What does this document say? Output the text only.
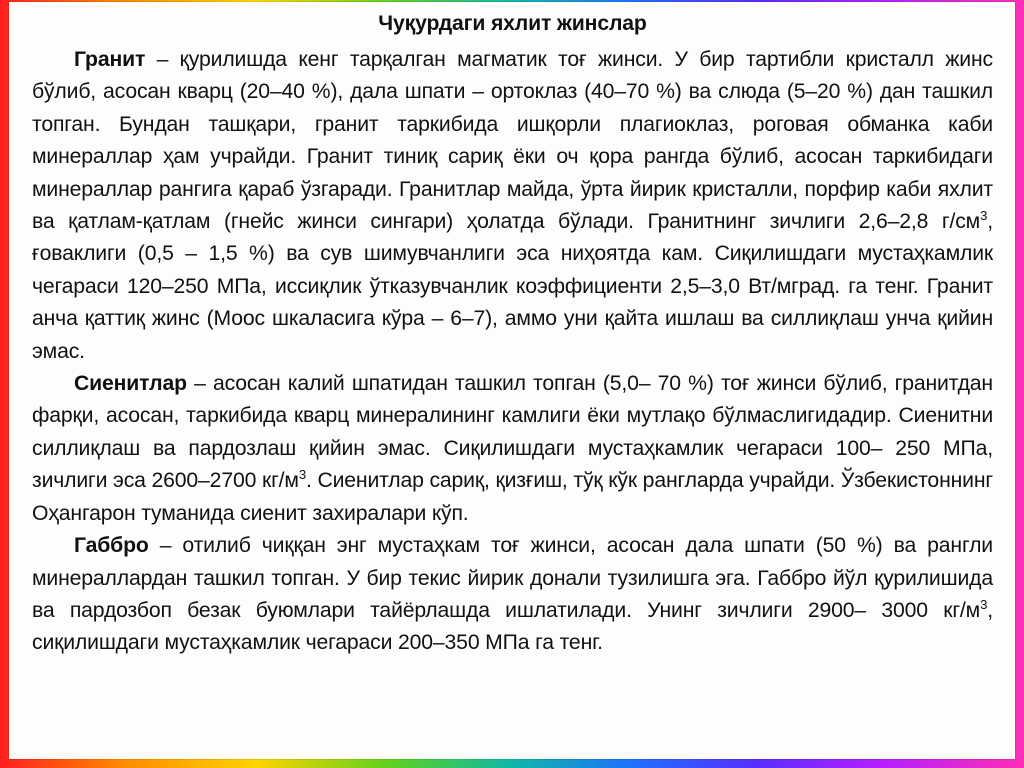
Чуқурдаги яхлит жинслар

Гранит – қурилишда кенг тарқалган магматик тоғ жинси. У бир тартибли кристалл жинс бўлиб, асосан кварц (20–40 %), дала шпати – ортоклаз (40–70 %) ва слюда (5–20 %) дан ташкил топган. Бундан ташқари, гранит таркибида ишқорли плагиоклаз, роговая обманка каби минераллар ҳам учрайди. Гранит тиниқ сариқ ёки оч қора рангда бўлиб, асосан таркибидаги минераллар рангига қараб ўзгаради. Гранитлар майда, ўрта йирик кристалли, порфир каби яхлит ва қатлам-қатлам (гнейс жинси сингари) ҳолатда бўлади. Гранитнинг зичлиги 2,6–2,8 $г/см^3$, ғоваклиги (0,5 – 1,5 %) ва сув шимувчанлиги эса ниҳоятда кам. Сиқилишдаги мустаҳкамлик чегараси 120–250 МПа, иссиқлик ўтказувчанлик коэффициенти 2,5–3,0 Вт/мград. га тенг. Гранит анча қаттиқ жинс (Моос шкаласига кўра – 6–7), аммо уни қайта ишлаш ва силлиқлаш унча қийин эмас.

Сиенитлар – асосан калий шпатидан ташкил топган (5,0– 70 %) тоғ жинси бўлиб, гранитдан фарқи, асосан, таркибида кварц минералининг камлиги ёки мутлақо бўлмаслигидадир. Сиенитни силлиқлаш ва пардозлаш қийин эмас. Сиқилишдаги мустаҳкамлик чегараси 100– 250 МПа, зичлиги эса 2600–2700 $кг/м^3$. Сиенитлар сариқ, қизғиш, тўқ кўк рангларда учрайди. Ўзбекистоннинг Оҳангарон туманида сиенит захиралари кўп.

Габбро – отилиб чиққан энг мустаҳкам тоғ жинси, асосан дала шпати (50 %) ва рангли минераллардан ташкил топган. У бир текис йирик донали тузилишга эга. Габбро йўл қурилишида ва пардозбоп безак буюмлари тайёрлашда ишлатилади. Унинг зичлиги 2900– 3000 $кг/м^3$, сиқилишдаги мустаҳкамлик чегараси 200–350 МПа га тенг.
